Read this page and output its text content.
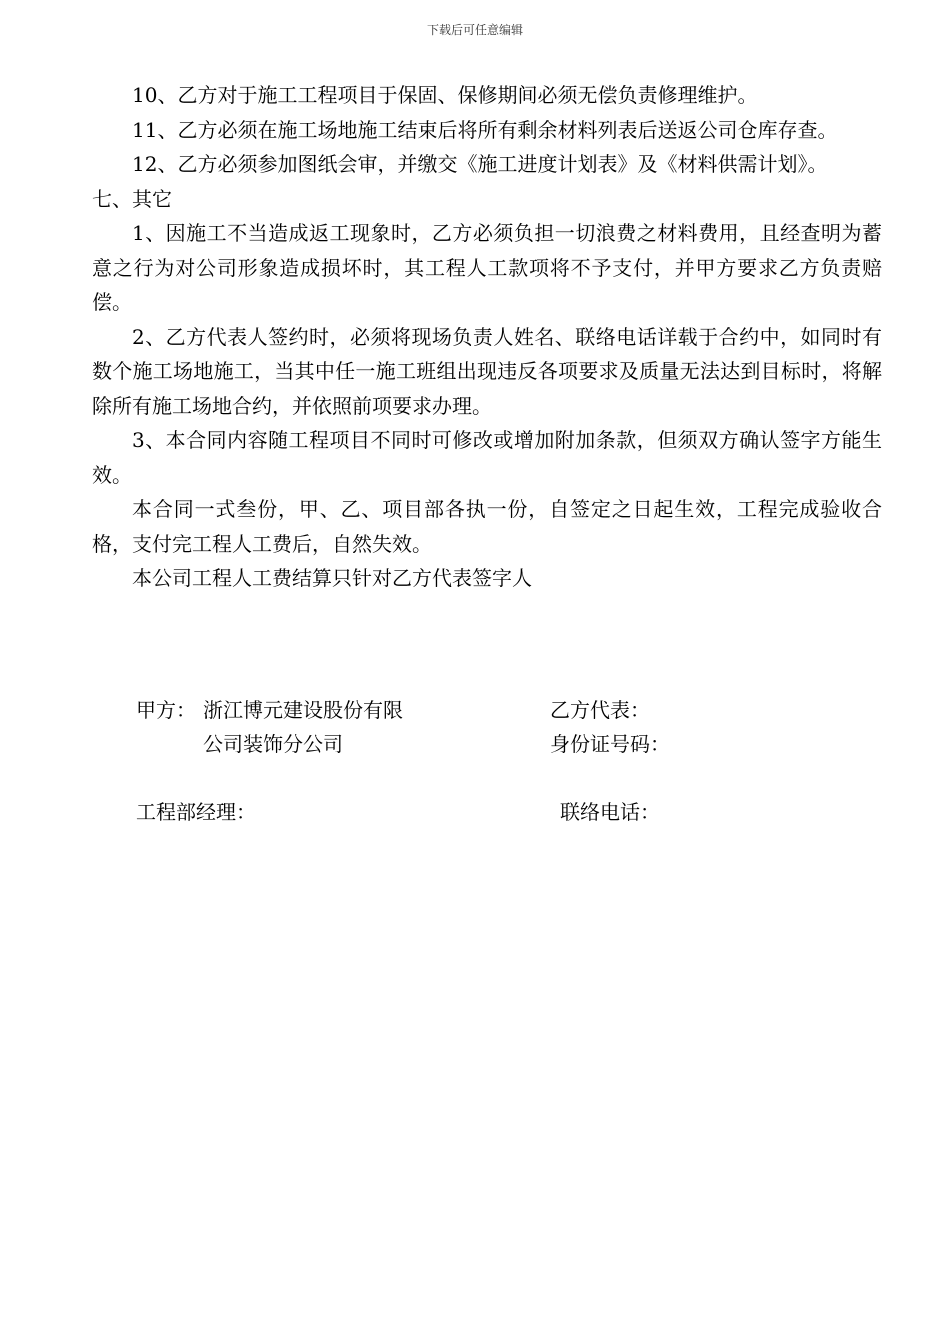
下载后可任意编辑

10、乙方对于施工工程项目于保固、保修期间必须无偿负责修理维护。

11、乙方必须在施工场地施工结束后将所有剩余材料列表后送返公司仓库存查。

12、乙方必须参加图纸会审，并缴交《施工进度计划表》及《材料供需计划》。

七、其它

1、因施工不当造成返工现象时，乙方必须负担一切浪费之材料费用，且经查明为蓄意之行为对公司形象造成损坏时，其工程人工款项将不予支付，并甲方要求乙方负责赔偿。

2、乙方代表人签约时，必须将现场负责人姓名、联络电话详载于合约中，如同时有数个施工场地施工，当其中任一施工班组出现违反各项要求及质量无法达到目标时，将解除所有施工场地合约，并依照前项要求办理。

3、本合同内容随工程项目不同时可修改或增加附加条款，但须双方确认签字方能生效。

本合同一式叁份，甲、乙、项目部各执一份，自签定之日起生效，工程完成验收合格，支付完工程人工费后，自然失效。

本公司工程人工费结算只针对乙方代表签字人

甲方： 浙江博元建设股份有限
公司装饰分公司
乙方代表：
身份证号码：
工程部经理：	联络电话：
